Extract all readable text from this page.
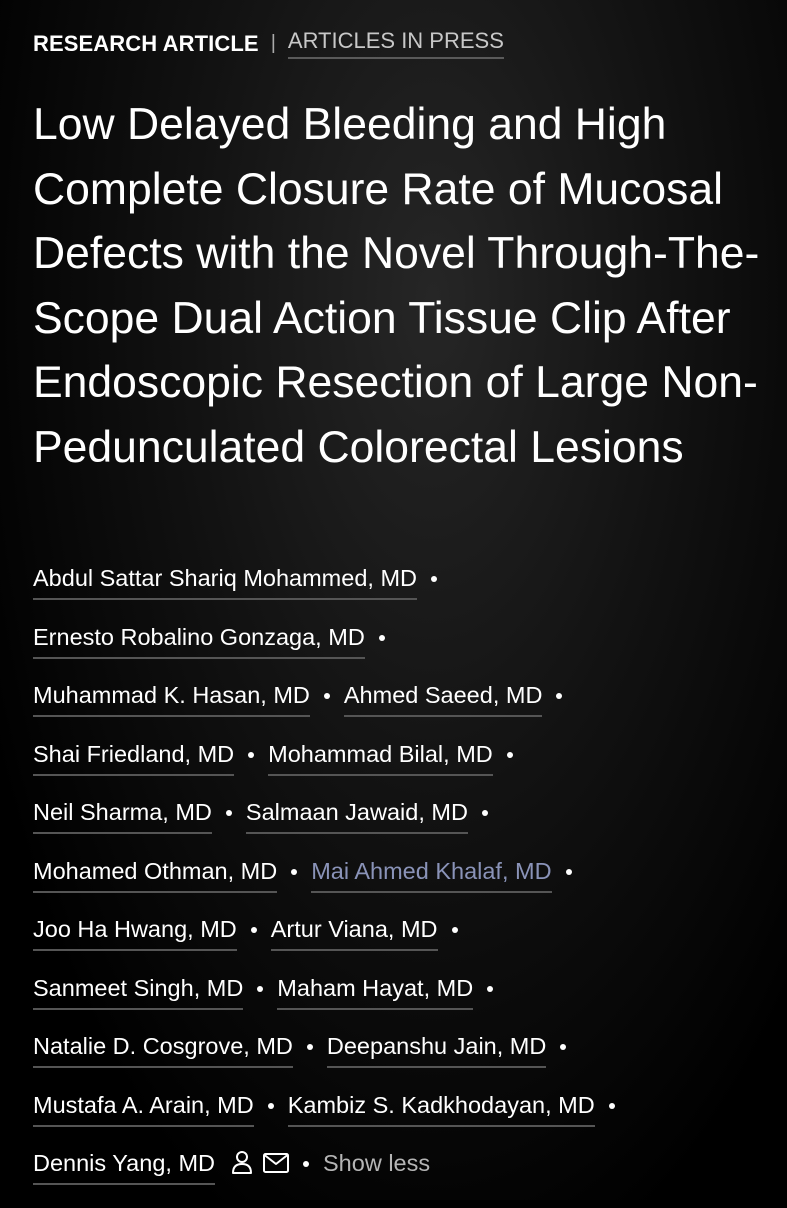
RESEARCH ARTICLE | ARTICLES IN PRESS
Low Delayed Bleeding and High Complete Closure Rate of Mucosal Defects with the Novel Through-The-Scope Dual Action Tissue Clip After Endoscopic Resection of Large Non-Pedunculated Colorectal Lesions
Abdul Sattar Shariq Mohammed, MD
Ernesto Robalino Gonzaga, MD
Muhammad K. Hasan, MD Ahmed Saeed, MD
Shai Friedland, MD Mohammad Bilal, MD
Neil Sharma, MD Salmaan Jawaid, MD
Mohamed Othman, MD Mai Ahmed Khalaf, MD
Joo Ha Hwang, MD Artur Viana, MD
Sanmeet Singh, MD Maham Hayat, MD
Natalie D. Cosgrove, MD Deepanshu Jain, MD
Mustafa A. Arain, MD Kambiz S. Kadkhodayan, MD
Dennis Yang, MD	Show less
